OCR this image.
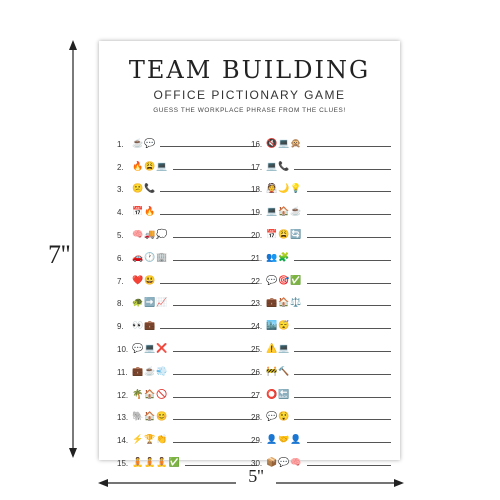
7''
5''
TEAM BUILDING
OFFICE PICTIONARY GAME
GUESS THE WORKPLACE PHRASE FROM THE CLUES!
1. ☕💬
2. 🔥😩💻
3. 😕📞
4. 📅🔥
5. 🧠🚚💭
6. 🚗🕐🏢
7. ❤️😃
8. 🐢➡️📈
9. 👀💼
10. 💬💻❌
11. 💼☕💨
12. 🌴🏠🚫
13. 🐘🏠😊
14. ⚡🏆👏
15. 🧘🧘🧘✅
16. 🔇💻🙊
17. 💻📞
18. 👰🌙💡
19. 💻🏠☕
20. 📅😩🔄
21. 👥🧩
22. 💬🎯✅
23. 💼🏠⚖️
24. 🏙️😴
25. ⚠️💻
26. 🚧🔨
27. ⭕🔙
28. 💬😲
29. 👤🤝👤
30. 📦💬🧠
